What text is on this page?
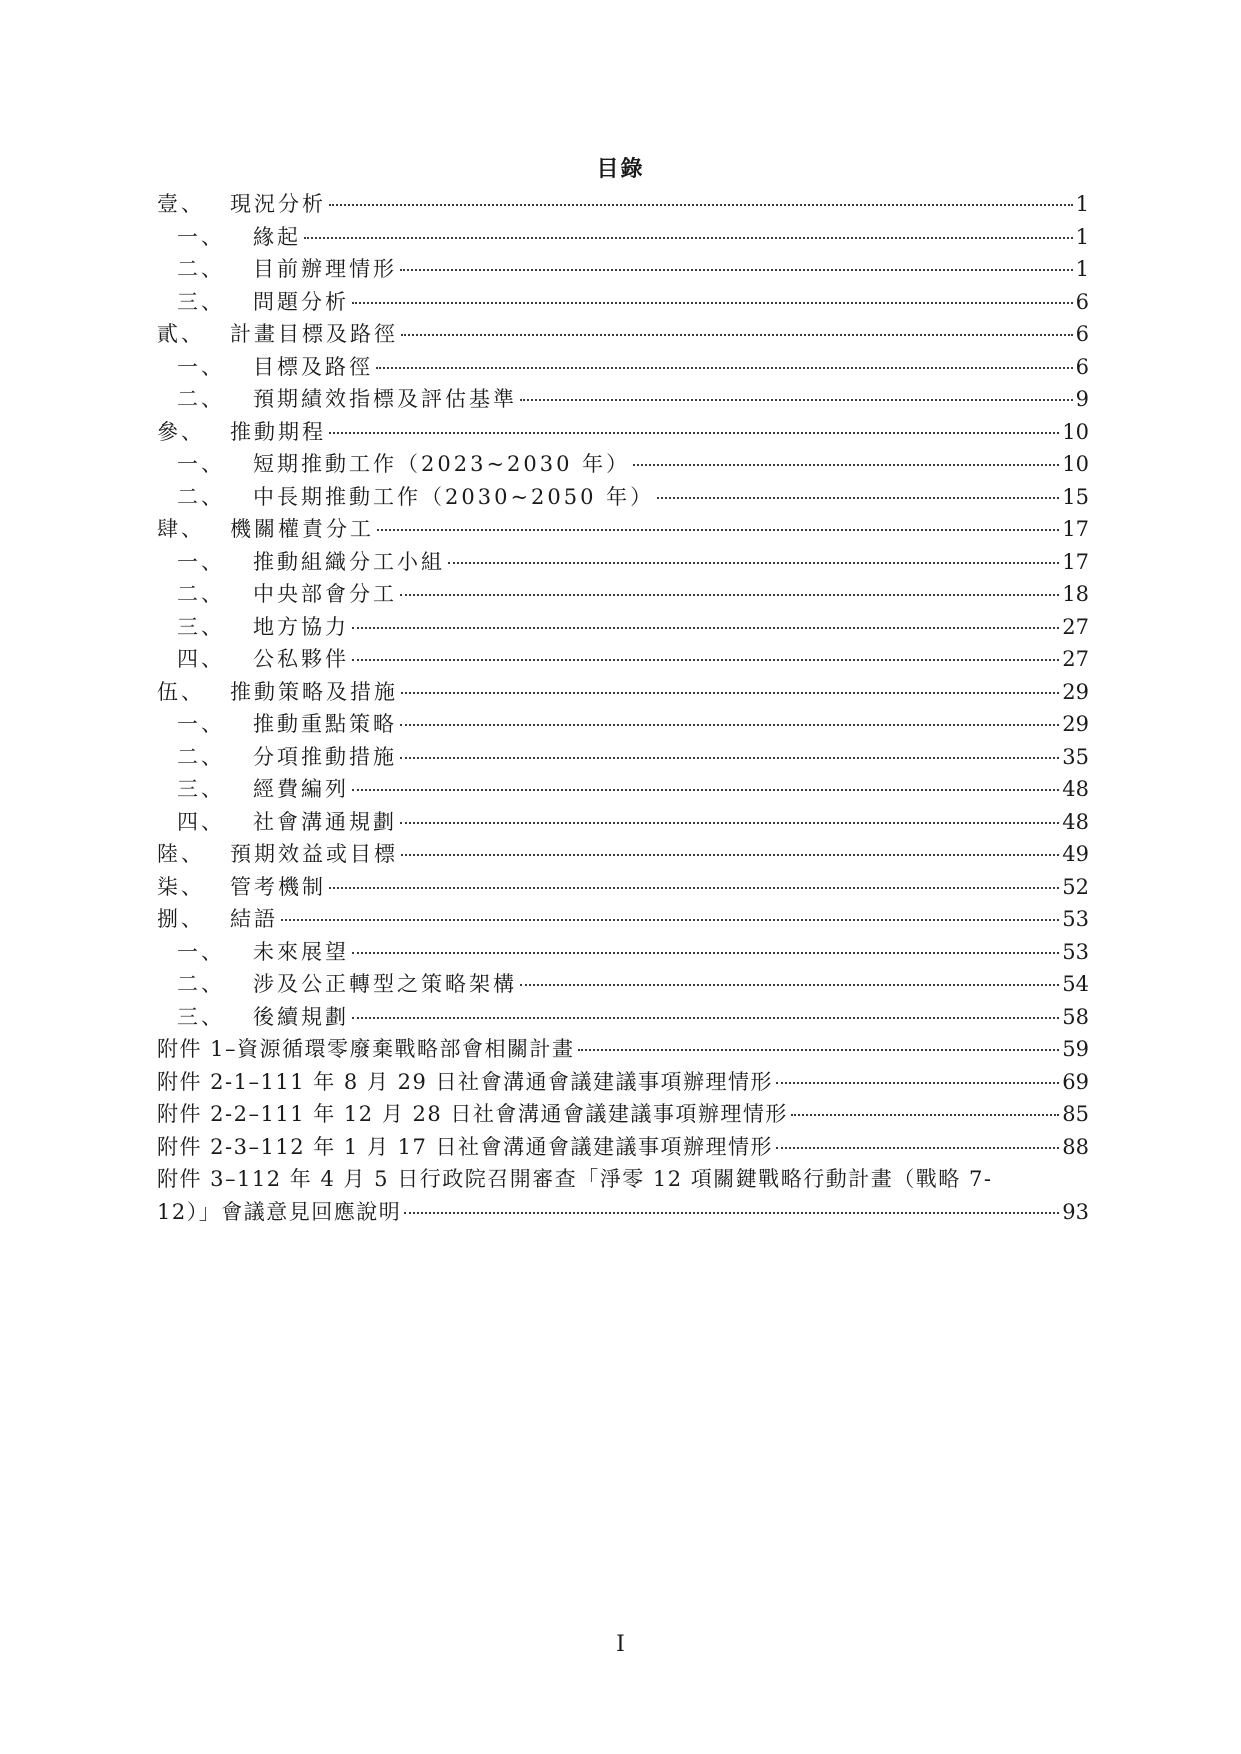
目錄
壹、	現況分析	1
一、	緣起	1
二、	目前辦理情形	1
三、	問題分析	6
貳、	計畫目標及路徑	6
一、	目標及路徑	6
二、	預期績效指標及評估基準	9
參、	推動期程	10
一、	短期推動工作（2023~2030 年）	10
二、	中長期推動工作（2030~2050 年）	15
肆、	機關權責分工	17
一、	推動組織分工小組	17
二、	中央部會分工	18
三、	地方協力	27
四、	公私夥伴	27
伍、	推動策略及措施	29
一、	推動重點策略	29
二、	分項推動措施	35
三、	經費編列	48
四、	社會溝通規劃	48
陸、	預期效益或目標	49
柒、	管考機制	52
捌、	結語	53
一、	未來展望	53
二、	涉及公正轉型之策略架構	54
三、	後續規劃	58
附件 1–資源循環零廢棄戰略部會相關計畫	59
附件 2-1–111 年 8 月 29 日社會溝通會議建議事項辦理情形	69
附件 2-2–111 年 12 月 28 日社會溝通會議建議事項辦理情形	85
附件 2-3–112 年 1 月 17 日社會溝通會議建議事項辦理情形	88
附件 3–112 年 4 月 5 日行政院召開審查「淨零 12 項關鍵戰略行動計畫（戰略 7-
12）」會議意見回應說明	93
I
